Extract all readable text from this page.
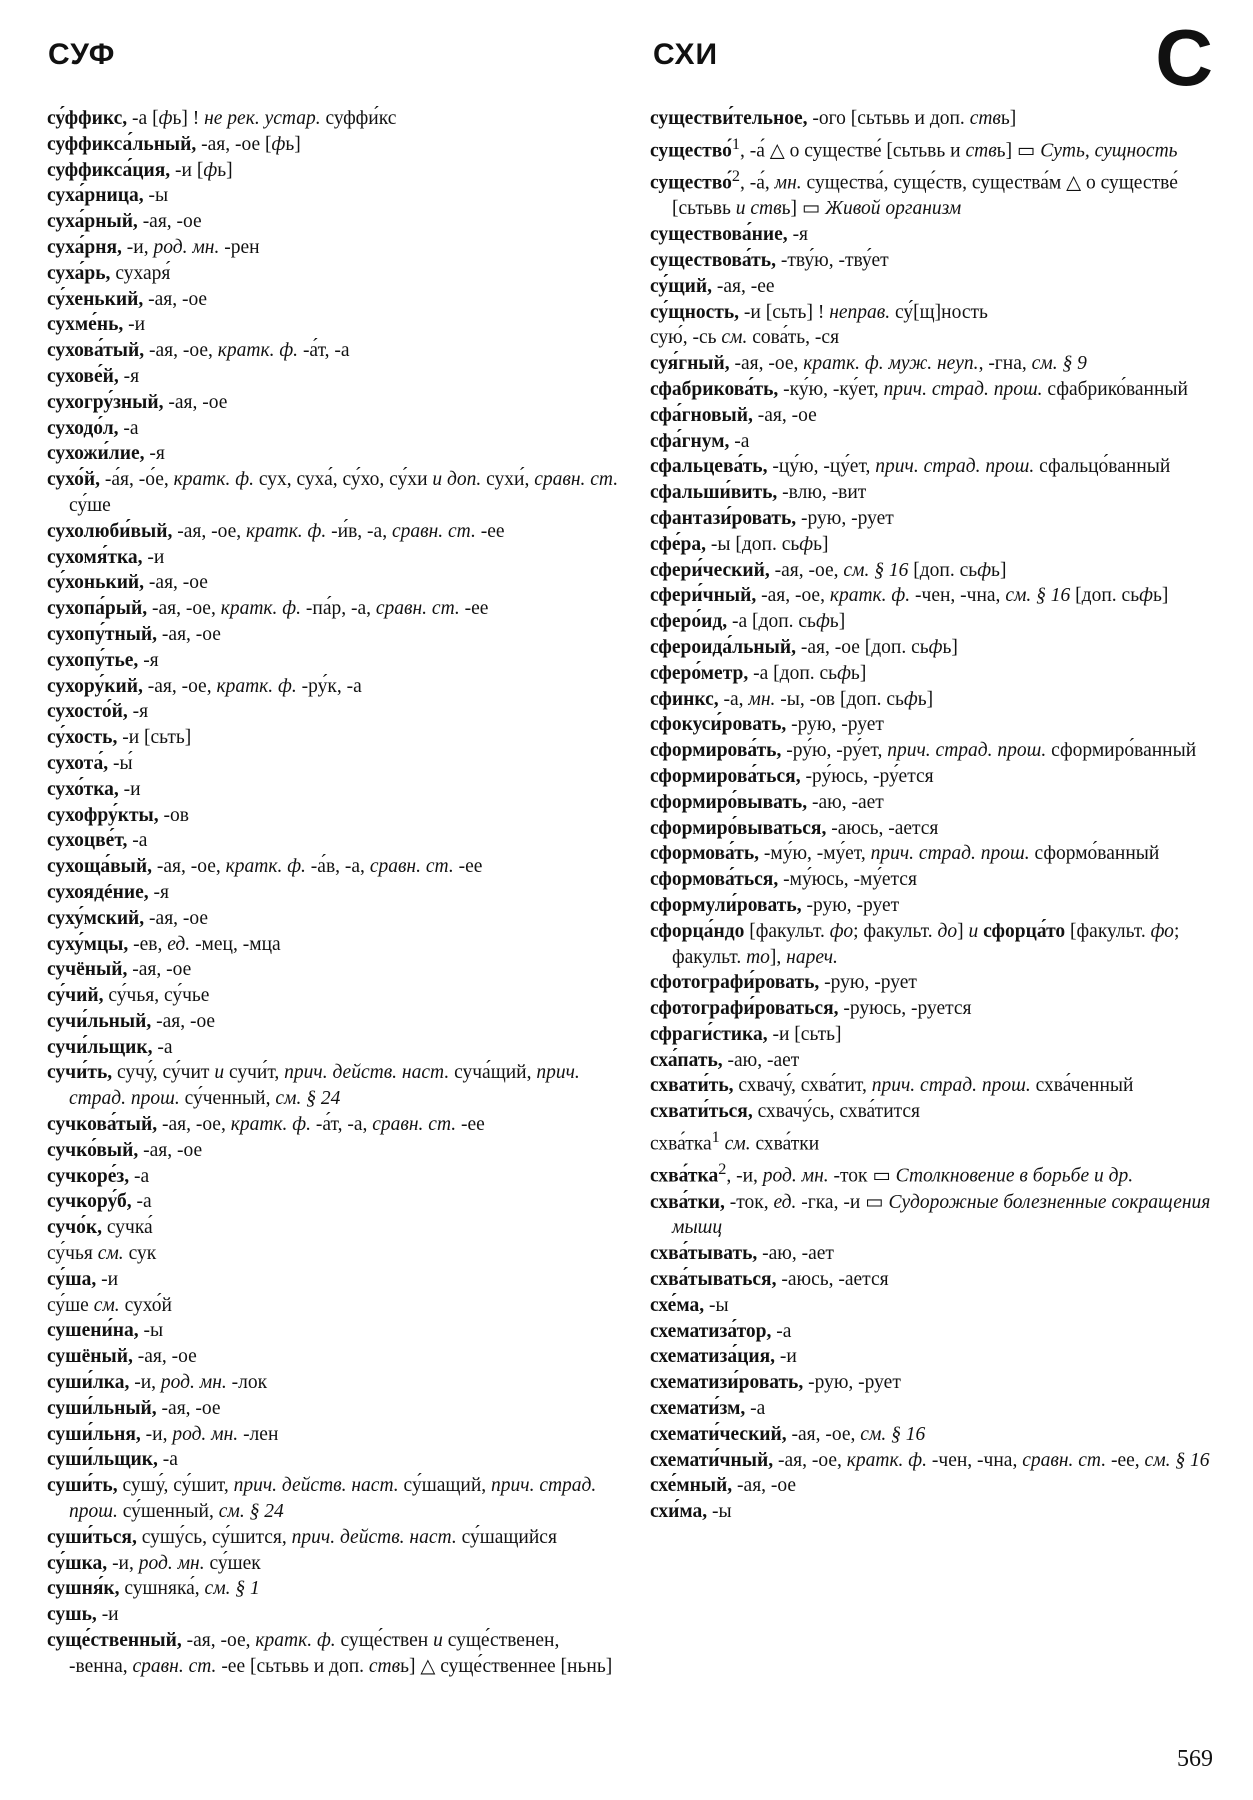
СУФ	СХИ	С

су́ффикс, -а [фь] ! не рек. устар. суффи́кс

суффикса́льный, -ая, -ое [фь]

суффикса́ция, -и [фь]

суха́рница, -ы

суха́рный, -ая, -ое

суха́рня, -и, род. мн. -рен

суха́рь, сухаря́

су́хенький, -ая, -ое

сухме́нь, -и

сухова́тый, -ая, -ое, кратк. ф. -а́т, -а

сухове́й, -я

сухогру́зный, -ая, -ое

суходо́л, -а

сухожи́лие, -я

сухо́й, -а́я, -о́е, кратк. ф. сух, суха́, су́хо, су́хи и доп. сухи́, сравн. ст. су́ше

сухолюби́вый, -ая, -ое, кратк. ф. -и́в, -а, сравн. ст. -ее

сухомя́тка, -и

су́хонький, -ая, -ое

сухопа́рый, -ая, -ое, кратк. ф. -па́р, -а, сравн. ст. -ее

сухопу́тный, -ая, -ое

сухопу́тье, -я

сухору́кий, -ая, -ое, кратк. ф. -ру́к, -а

сухосто́й, -я

су́хость, -и [сьть]

сухота́, -ы́

сухо́тка, -и

сухофру́кты, -ов

сухоцве́т, -а

сухоща́вый, -ая, -ое, кратк. ф. -а́в, -а, сравн. ст. -ее

сухоядéние, -я

суху́мский, -ая, -ое

суху́мцы, -ев, ед. -мец, -мца

сучёный, -ая, -ое

су́чий, су́чья, су́чье

сучи́льный, -ая, -ое

сучи́льщик, -а

сучи́ть, сучу́, су́чит и сучи́т, прич. действ. наст. суча́щий, прич. страд. прош. су́ченный, см. § 24

сучкова́тый, -ая, -ое, кратк. ф. -а́т, -а, сравн. ст. -ее

сучко́вый, -ая, -ое

сучкоре́з, -а

сучкору́б, -а

сучо́к, сучка́

су́чья см. сук

су́ша, -и

су́ше см. сухо́й

сушени́на, -ы

сушёный, -ая, -ое

суши́лка, -и, род. мн. -лок

суши́льный, -ая, -ое

суши́льня, -и, род. мн. -лен

суши́льщик, -а

суши́ть, сушу́, су́шит, прич. действ. наст. су́шащий, прич. страд. прош. су́шенный, см. § 24

суши́ться, сушу́сь, су́шится, прич. действ. наст. су́шащийся

су́шка, -и, род. мн. су́шек

сушня́к, сушняка́, см. § 1

сушь, -и

суще́ственный, -ая, -ое, кратк. ф. суще́ствен и суще́ственен, -венна, сравн. ст. -ее [сьтьвь и доп. ствь] △ суще́ственнее [ньнь]

существи́тельное, -ого [сьтьвь и доп. ствь]

существо́$^1$, -а́ △ о существе́ [сьтьвь и ствь] ▭ Суть, сущность

существо́$^2$, -а́, мн. существа́, суще́ств, существа́м △ о существе́ [сьтьвь и ствь] ▭ Живой организм

существова́ние, -я

существова́ть, -тву́ю, -тву́ет

су́щий, -ая, -ее

су́щность, -и [сьть] ! неправ. су́[щ]ность

сую́, -сь см. сова́ть, -ся

суя́гный, -ая, -ое, кратк. ф. муж. неуп., -гна, см. § 9

сфабрикова́ть, -ку́ю, -ку́ет, прич. страд. прош. сфабрико́ванный

сфа́гновый, -ая, -ое

сфа́гнум, -а

сфальцева́ть, -цу́ю, -цу́ет, прич. страд. прош. сфальцо́ванный

сфальши́вить, -влю, -вит

сфантази́ровать, -рую, -рует

сфе́ра, -ы [доп. сьфь]

сфери́ческий, -ая, -ое, см. § 16 [доп. сьфь]

сфери́чный, -ая, -ое, кратк. ф. -чен, -чна, см. § 16 [доп. сьфь]

сферо́ид, -а [доп. сьфь]

сфероида́льный, -ая, -ое [доп. сьфь]

сферо́метр, -а [доп. сьфь]

сфинкс, -а, мн. -ы, -ов [доп. сьфь]

сфокуси́ровать, -рую, -рует

сформирова́ть, -ру́ю, -ру́ет, прич. страд. прош. сформиро́ванный

сформирова́ться, -ру́юсь, -ру́ется

сформиро́вывать, -аю, -ает

сформиро́вываться, -аюсь, -ается

сформова́ть, -му́ю, -му́ет, прич. страд. прош. сформо́ванный

сформова́ться, -му́юсь, -му́ется

сформули́ровать, -рую, -рует

сфорца́ндо [факульт. фо; факульт. до] и сфорца́то [факульт. фо; факульт. то], нареч.

сфотографи́ровать, -рую, -рует

сфотографи́роваться, -руюсь, -руется

сфраги́стика, -и [сьть]

сха́пать, -аю, -ает

схвати́ть, схвачу́, схва́тит, прич. страд. прош. схва́ченный

схвати́ться, схвачу́сь, схва́тится

схва́тка$^1$ см. схва́тки

схва́тка$^2$, -и, род. мн. -ток ▭ Столкновение в борьбе и др.

схва́тки, -ток, ед. -гка, -и ▭ Судорожные болезненные сокращения мышц

схва́тывать, -аю, -ает

схва́тываться, -аюсь, -ается

схе́ма, -ы

схематиза́тор, -а

схематиза́ция, -и

схематизи́ровать, -рую, -рует

схемати́зм, -а

схемати́ческий, -ая, -ое, см. § 16

схемати́чный, -ая, -ое, кратк. ф. -чен, -чна, сравн. ст. -ее, см. § 16

схе́мный, -ая, -ое

схи́ма, -ы

569
